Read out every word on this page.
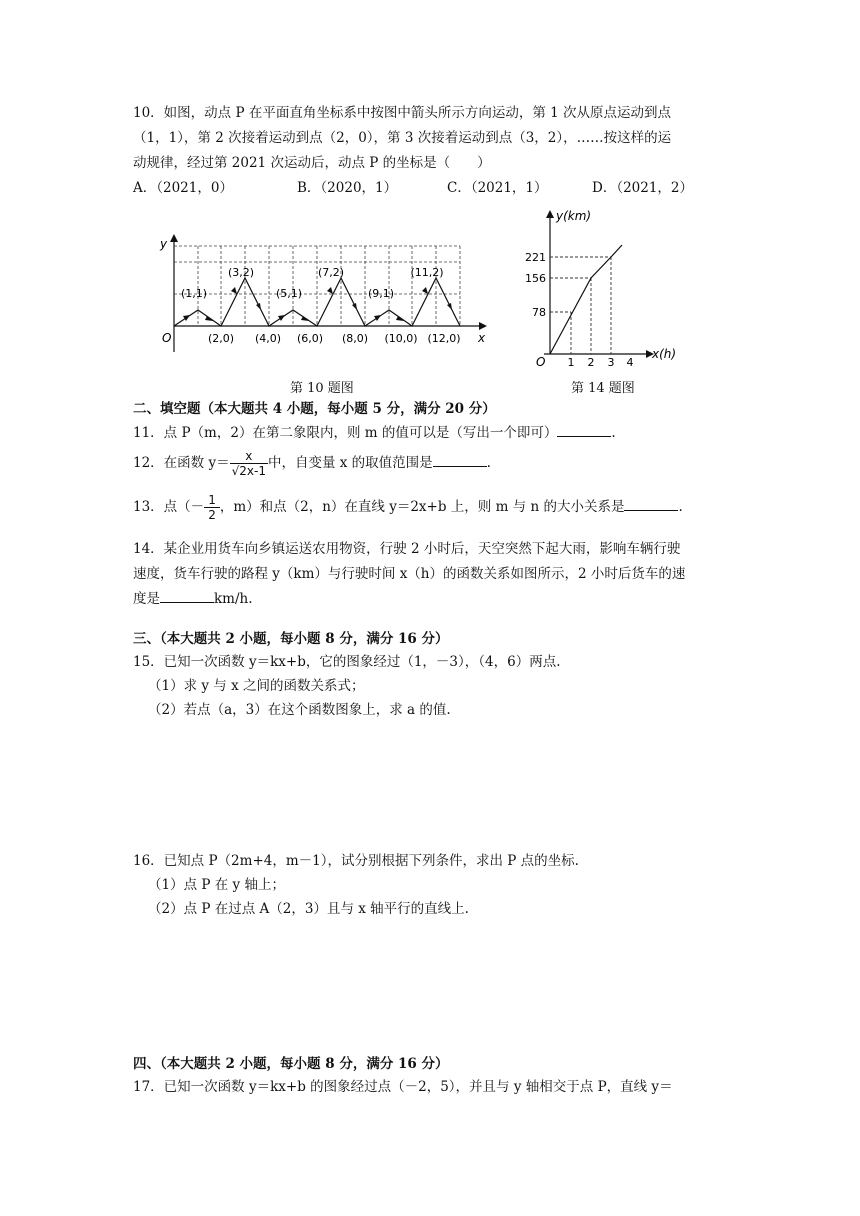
10．如图，动点 P 在平面直角坐标系中按图中箭头所示方向运动，第 1 次从原点运动到点
（1，1），第 2 次接着运动到点（2，0），第 3 次接着运动到点（3，2），……按这样的运
动规律，经过第 2021 次运动后，动点 P 的坐标是（　　）
A．（2021，0）	B．（2020，1）	C．（2021，1）	D．（2021，2）
y
x
O
(1,1)
(3,2)
(5,1)
(7,2)
(9,1)
(11,2)
(2,0) (4,0) (6,0) (8,0) (10,0) (12,0)
第 10 题图
y(km)
x(h)
O
221
156
78
1 2 3 4
第 14 题图
二、填空题（本大题共 4 小题，每小题 5 分，满分 20 分）
11．点 P（m，2）在第二象限内，则 m 的值可以是（写出一个即可）	.
12．在函数 $y= \frac{x}{√2x-1}$ 中，自变量 x 的取值范围是	.
13．点（－ $\frac{1}{2}$ ，m）和点（2，n）在直线 y＝2x+b 上，则 m 与 n 的大小关系是	.
14．某企业用货车向乡镇运送农用物资，行驶 2 小时后，天空突然下起大雨，影响车辆行驶
速度，货车行驶的路程 y（km）与行驶时间 x（h）的函数关系如图所示，2 小时后货车的速
度是	km/h.
三、（本大题共 2 小题，每小题 8 分，满分 16 分）
15．已知一次函数 y＝kx+b，它的图象经过（1，－3），（4，6）两点.
（1）求 y 与 x 之间的函数关系式；
（2）若点（a，3）在这个函数图象上，求 a 的值.
16．已知点 P（2m+4，m－1），试分别根据下列条件，求出 P 点的坐标.
（1）点 P 在 y 轴上；
（2）点 P 在过点 A（2，3）且与 x 轴平行的直线上.
四、（本大题共 2 小题，每小题 8 分，满分 16 分）
17．已知一次函数 y＝kx+b 的图象经过点（－2，5），并且与 y 轴相交于点 P，直线 y＝
